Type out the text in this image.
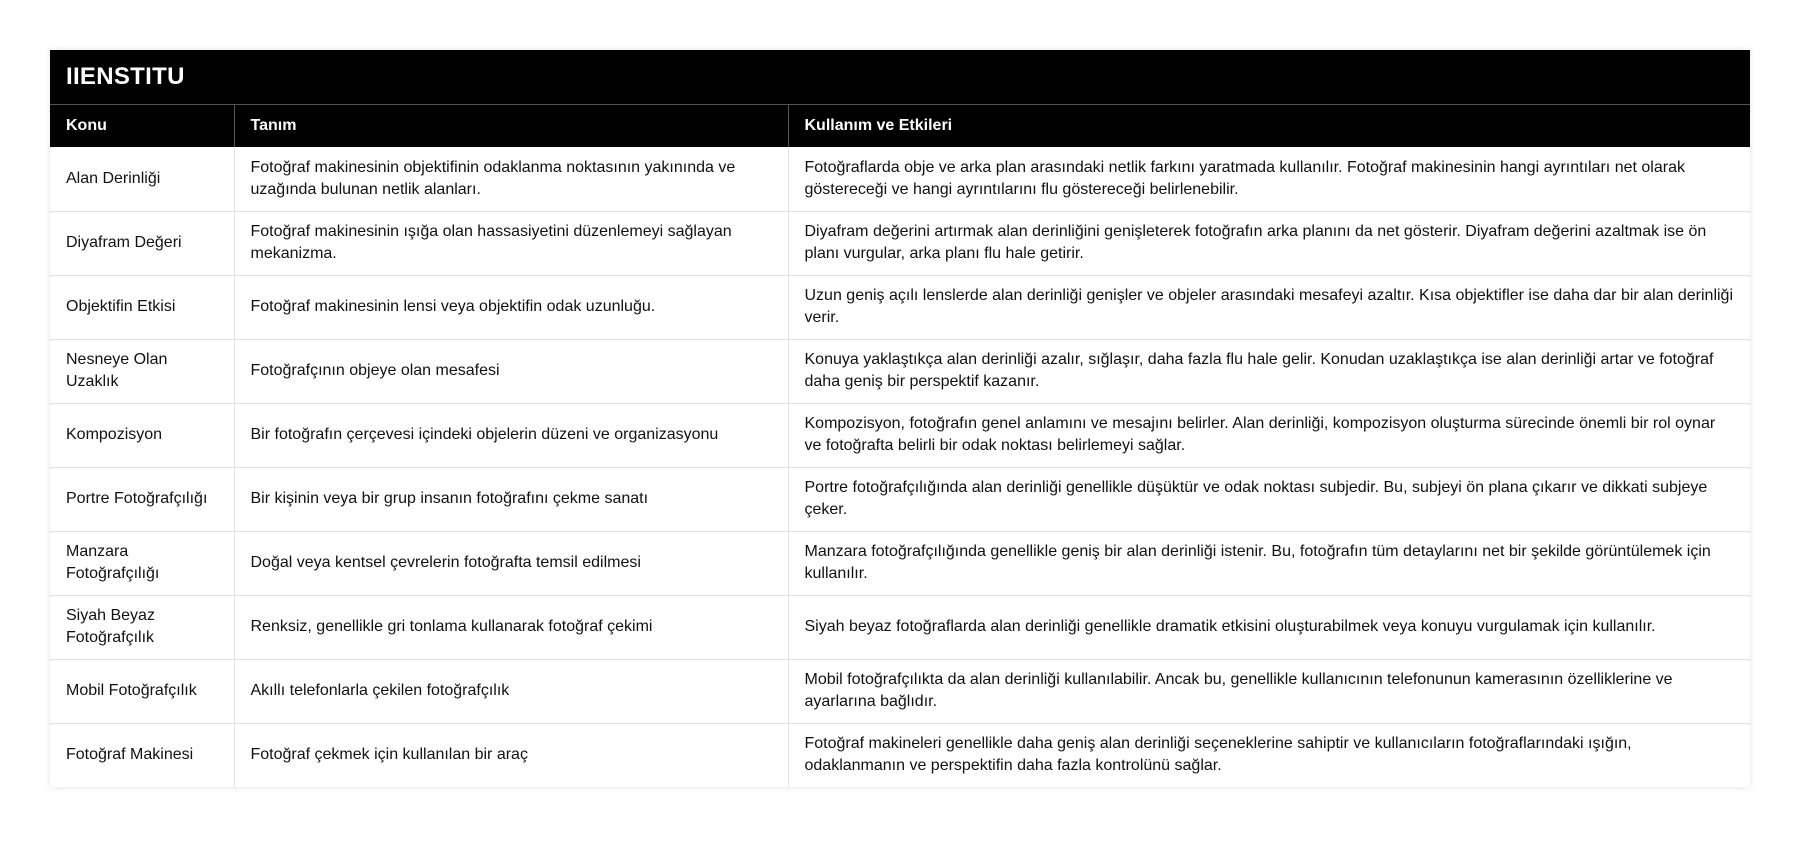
IIENSTITU
Konu	Tanım	Kullanım ve Etkileri
Alan Derinliği	Fotoğraf makinesinin objektifinin odaklanma noktasının yakınında ve uzağında bulunan netlik alanları.	Fotoğraflarda obje ve arka plan arasındaki netlik farkını yaratmada kullanılır. Fotoğraf makinesinin hangi ayrıntıları net olarak göstereceği ve hangi ayrıntılarını flu göstereceği belirlenebilir.
Diyafram Değeri	Fotoğraf makinesinin ışığa olan hassasiyetini düzenlemeyi sağlayan mekanizma.	Diyafram değerini artırmak alan derinliğini genişleterek fotoğrafın arka planını da net gösterir. Diyafram değerini azaltmak ise ön planı vurgular, arka planı flu hale getirir.
Objektifin Etkisi	Fotoğraf makinesinin lensi veya objektifin odak uzunluğu.	Uzun geniş açılı lenslerde alan derinliği genişler ve objeler arasındaki mesafeyi azaltır. Kısa objektifler ise daha dar bir alan derinliği verir.
Nesneye Olan Uzaklık	Fotoğrafçının objeye olan mesafesi	Konuya yaklaştıkça alan derinliği azalır, sığlaşır, daha fazla flu hale gelir. Konudan uzaklaştıkça ise alan derinliği artar ve fotoğraf daha geniş bir perspektif kazanır.
Kompozisyon	Bir fotoğrafın çerçevesi içindeki objelerin düzeni ve organizasyonu	Kompozisyon, fotoğrafın genel anlamını ve mesajını belirler. Alan derinliği, kompozisyon oluşturma sürecinde önemli bir rol oynar ve fotoğrafta belirli bir odak noktası belirlemeyi sağlar.
Portre Fotoğrafçılığı	Bir kişinin veya bir grup insanın fotoğrafını çekme sanatı	Portre fotoğrafçılığında alan derinliği genellikle düşüktür ve odak noktası subjedir. Bu, subjeyi ön plana çıkarır ve dikkati subjeye çeker.
Manzara Fotoğrafçılığı	Doğal veya kentsel çevrelerin fotoğrafta temsil edilmesi	Manzara fotoğrafçılığında genellikle geniş bir alan derinliği istenir. Bu, fotoğrafın tüm detaylarını net bir şekilde görüntülemek için kullanılır.
Siyah Beyaz Fotoğrafçılık	Renksiz, genellikle gri tonlama kullanarak fotoğraf çekimi	Siyah beyaz fotoğraflarda alan derinliği genellikle dramatik etkisini oluşturabilmek veya konuyu vurgulamak için kullanılır.
Mobil Fotoğrafçılık	Akıllı telefonlarla çekilen fotoğrafçılık	Mobil fotoğrafçılıkta da alan derinliği kullanılabilir. Ancak bu, genellikle kullanıcının telefonunun kamerasının özelliklerine ve ayarlarına bağlıdır.
Fotoğraf Makinesi	Fotoğraf çekmek için kullanılan bir araç	Fotoğraf makineleri genellikle daha geniş alan derinliği seçeneklerine sahiptir ve kullanıcıların fotoğraflarındaki ışığın, odaklanmanın ve perspektifin daha fazla kontrolünü sağlar.
